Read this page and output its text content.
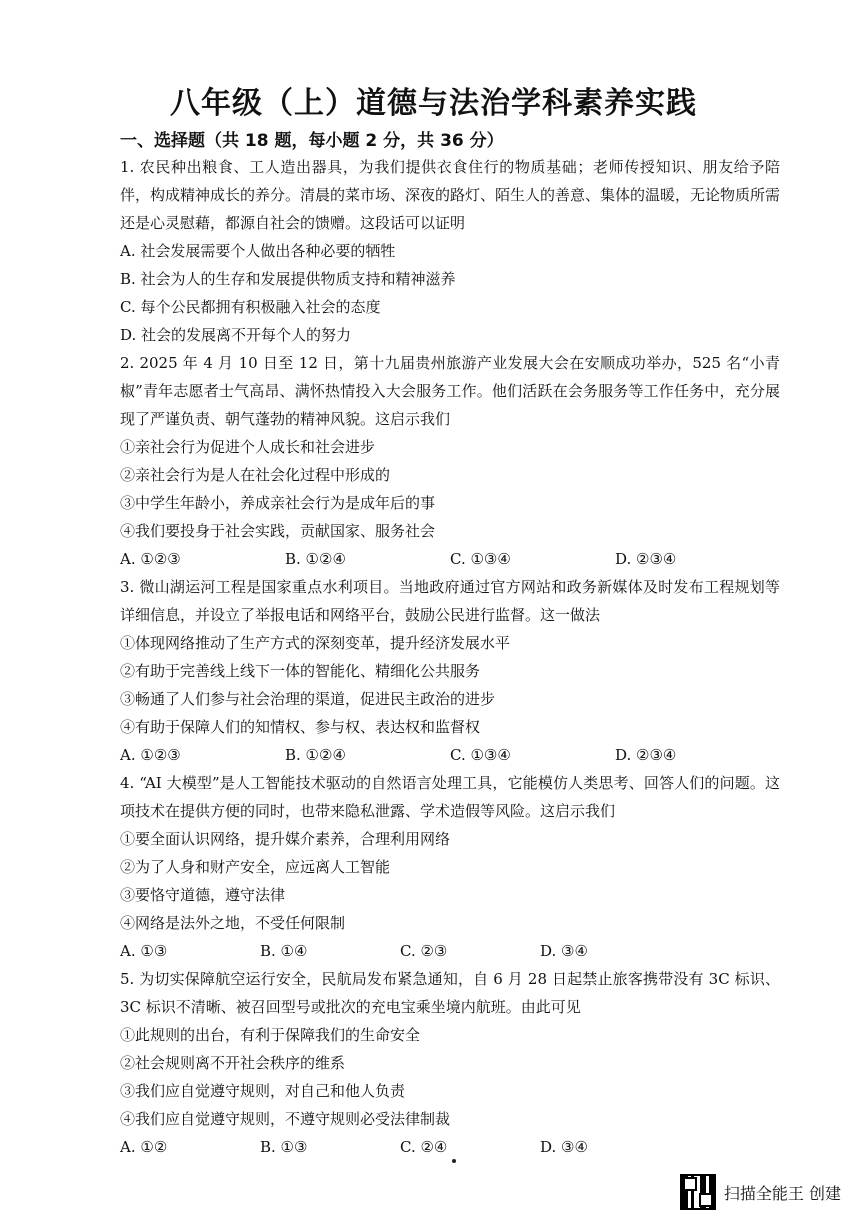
八年级（上）道德与法治学科素养实践
一、选择题（共 18 题，每小题 2 分，共 36 分）
1. 农民种出粮食、工人造出器具，为我们提供衣食住行的物质基础；老师传授知识、朋友给予陪伴，构成精神成长的养分。清晨的菜市场、深夜的路灯、陌生人的善意、集体的温暖，无论物质所需还是心灵慰藉，都源自社会的馈赠。这段话可以证明
A. 社会发展需要个人做出各种必要的牺牲
B. 社会为人的生存和发展提供物质支持和精神滋养
C. 每个公民都拥有积极融入社会的态度
D. 社会的发展离不开每个人的努力
2. 2025 年 4 月 10 日至 12 日，第十九届贵州旅游产业发展大会在安顺成功举办，525 名“小青椒”青年志愿者士气高昂、满怀热情投入大会服务工作。他们活跃在会务服务等工作任务中，充分展现了严谨负责、朝气蓬勃的精神风貌。这启示我们
①亲社会行为促进个人成长和社会进步
②亲社会行为是人在社会化过程中形成的
③中学生年龄小，养成亲社会行为是成年后的事
④我们要投身于社会实践，贡献国家、服务社会
A. ①②③	B. ①②④	C. ①③④	D. ②③④
3. 微山湖运河工程是国家重点水利项目。当地政府通过官方网站和政务新媒体及时发布工程规划等详细信息，并设立了举报电话和网络平台，鼓励公民进行监督。这一做法
①体现网络推动了生产方式的深刻变革，提升经济发展水平
②有助于完善线上线下一体的智能化、精细化公共服务
③畅通了人们参与社会治理的渠道，促进民主政治的进步
④有助于保障人们的知情权、参与权、表达权和监督权
A. ①②③	B. ①②④	C. ①③④	D. ②③④
4. “AI 大模型”是人工智能技术驱动的自然语言处理工具，它能模仿人类思考、回答人们的问题。这项技术在提供方便的同时，也带来隐私泄露、学术造假等风险。这启示我们
①要全面认识网络，提升媒介素养，合理利用网络
②为了人身和财产安全，应远离人工智能
③要恪守道德，遵守法律
④网络是法外之地，不受任何限制
A. ①③	B. ①④	C. ②③	D. ③④
5. 为切实保障航空运行安全，民航局发布紧急通知，自 6 月 28 日起禁止旅客携带没有 3C 标识、3C 标识不清晰、被召回型号或批次的充电宝乘坐境内航班。由此可见
①此规则的出台，有利于保障我们的生命安全
②社会规则离不开社会秩序的维系
③我们应自觉遵守规则，对自己和他人负责
④我们应自觉遵守规则，不遵守规则必受法律制裁
A. ①②	B. ①③	C. ②④	D. ③④
扫描全能王 创建
